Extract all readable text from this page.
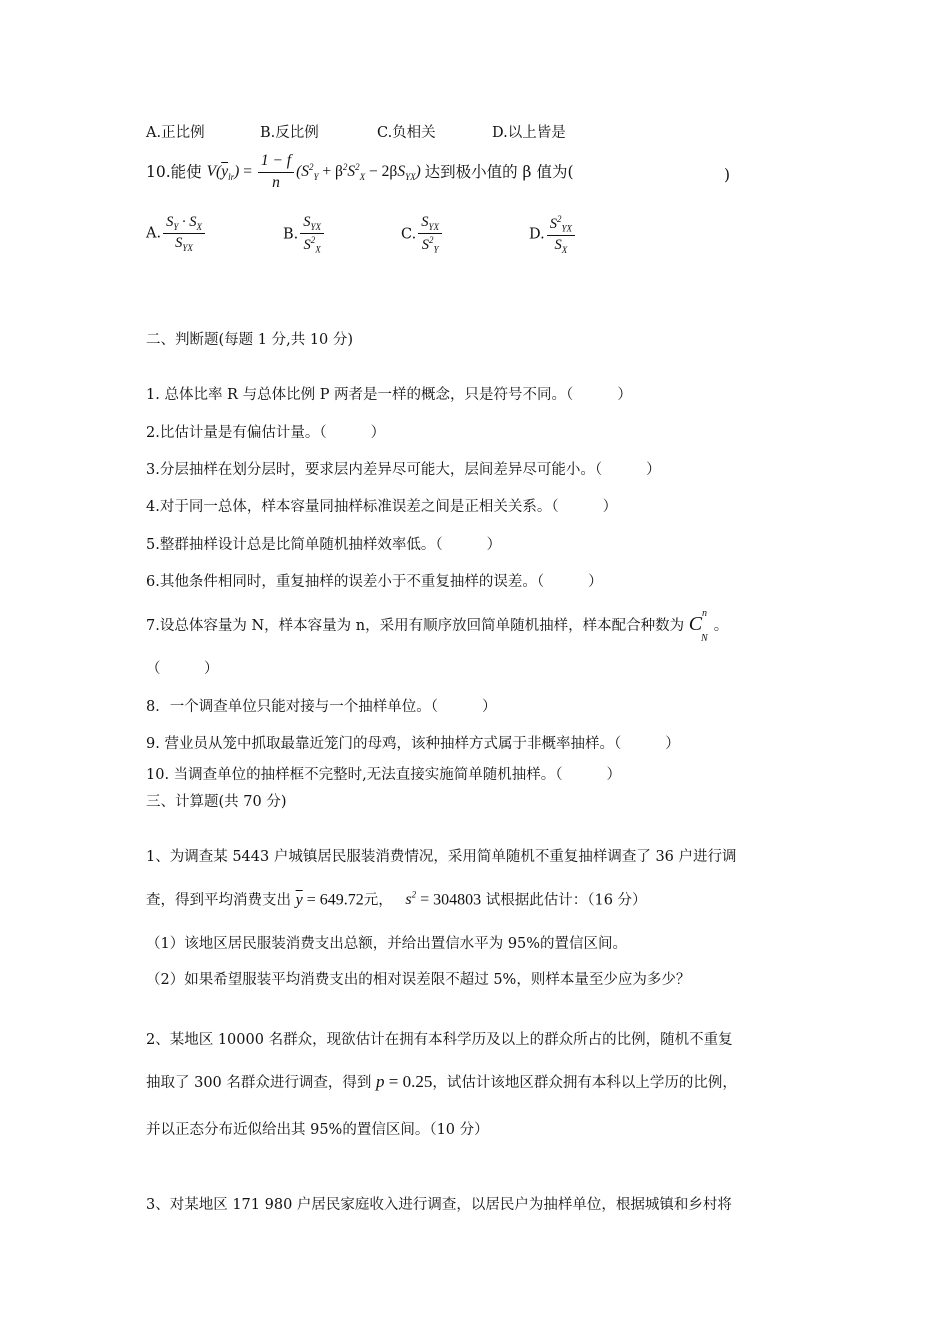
A.正比例	B.反比例	C.负相关	D.以上皆是
10.能使 $V(\overline{y}_{lr}) = \frac{1 - f}{n} (S^2_Y + \beta^2S^2_X - 2\beta S_{YX})$ 达到极小值的 β 值为(	)
A. $\frac{S_Y \cdot S_X}{S_{YX}}$	B. $\frac{S_{YX}}{S^2_X}$	C. $\frac{S_{YX}}{S^2_Y}$	D. $\frac{S^2_{YX}}{S_X}$
二、判断题(每题 1 分,共 10 分)
1. 总体比率 R 与总体比例 P 两者是一样的概念，只是符号不同。（	）
2.比估计量是有偏估计量。（	）
3.分层抽样在划分层时，要求层内差异尽可能大，层间差异尽可能小。（	）
4.对于同一总体，样本容量同抽样标准误差之间是正相关关系。（	）
5.整群抽样设计总是比简单随机抽样效率低。（	）
6.其他条件相同时，重复抽样的误差小于不重复抽样的误差。（	）
7.设总体容量为 N，样本容量为 n，采用有顺序放回简单随机抽样，样本配合种数为 $C^n_N$。
（　　　）
8．一个调查单位只能对接与一个抽样单位。（	）
9. 营业员从笼中抓取最靠近笼门的母鸡，该种抽样方式属于非概率抽样。（	）
10. 当调查单位的抽样框不完整时,无法直接实施简单随机抽样。（	）
三、计算题(共 70 分)
1、为调查某 5443 户城镇居民服装消费情况，采用简单随机不重复抽样调查了 36 户进行调
查，得到平均消费支出 $\overline{y} = 649.72$元， $s^2 = 304803$ 试根据此估计：（16 分）
（1）该地区居民服装消费支出总额，并给出置信水平为 95%的置信区间。
（2）如果希望服装平均消费支出的相对误差限不超过 5%，则样本量至少应为多少？
2、某地区 10000 名群众，现欲估计在拥有本科学历及以上的群众所占的比例，随机不重复
抽取了 300 名群众进行调查，得到 p = 0.25，试估计该地区群众拥有本科以上学历的比例，
并以正态分布近似给出其 95%的置信区间。（10 分）
3、对某地区 171 980 户居民家庭收入进行调查，以居民户为抽样单位，根据城镇和乡村将
